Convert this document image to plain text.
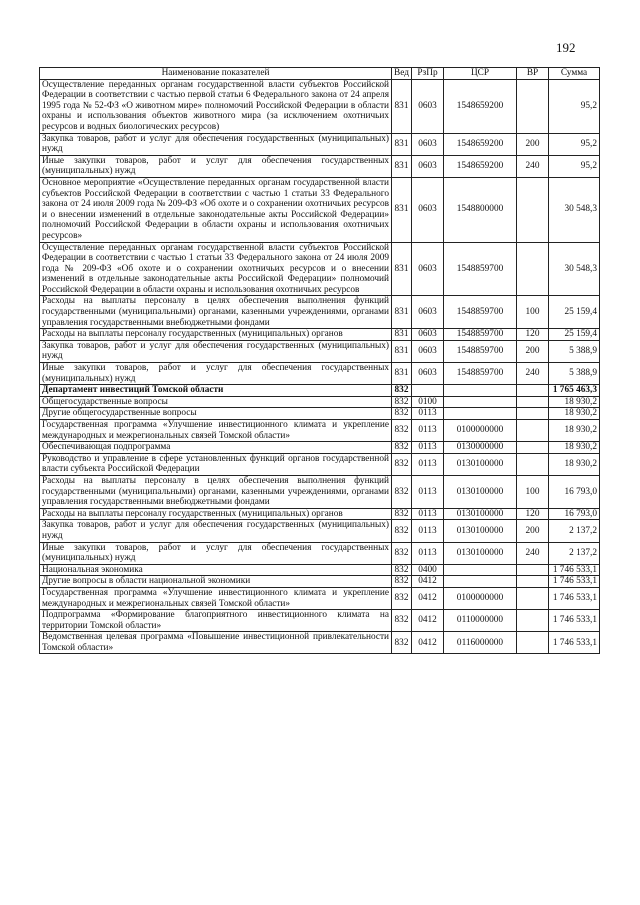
192
Наименование показателей	Вед	РзПр	ЦСР	ВР	Сумма
Осуществление переданных органам государственной власти субъектов Российской Федерации в соответствии с частью первой статьи 6 Федерального закона от 24 апреля 1995 года № 52-ФЗ «О животном мире» полномочий Российской Федерации в области охраны и использования объектов животного мира (за исключением охотничьих ресурсов и водных биологических ресурсов)	831	0603	1548659200		95,2
Закупка товаров, работ и услуг для обеспечения государственных (муниципальных) нужд	831	0603	1548659200	200	95,2
Иные закупки товаров, работ и услуг для обеспечения государственных (муниципальных) нужд	831	0603	1548659200	240	95,2
Основное мероприятие «Осуществление переданных органам государственной власти субъектов Российской Федерации в соответствии с частью 1 статьи 33 Федерального закона от 24 июля 2009 года № 209-ФЗ «Об охоте и о сохранении охотничьих ресурсов и о внесении изменений в отдельные законодательные акты Российской Федерации» полномочий Российской Федерации в области охраны и использования охотничьих ресурсов»	831	0603	1548800000		30 548,3
Осуществление переданных органам государственной власти субъектов Российской Федерации в соответствии с частью 1 статьи 33 Федерального закона от 24 июля 2009 года № 209-ФЗ «Об охоте и о сохранении охотничьих ресурсов и о внесении изменений в отдельные законодательные акты Российской Федерации» полномочий Российской Федерации в области охраны и использования охотничьих ресурсов	831	0603	1548859700		30 548,3
Расходы на выплаты персоналу в целях обеспечения выполнения функций государственными (муниципальными) органами, казенными учреждениями, органами управления государственными внебюджетными фондами	831	0603	1548859700	100	25 159,4
Расходы на выплаты персоналу государственных (муниципальных) органов	831	0603	1548859700	120	25 159,4
Закупка товаров, работ и услуг для обеспечения государственных (муниципальных) нужд	831	0603	1548859700	200	5 388,9
Иные закупки товаров, работ и услуг для обеспечения государственных (муниципальных) нужд	831	0603	1548859700	240	5 388,9
Департамент инвестиций Томской области	832				1 765 463,3
Общегосударственные вопросы	832	0100			18 930,2
Другие общегосударственные вопросы	832	0113			18 930,2
Государственная программа «Улучшение инвестиционного климата и укрепление международных и межрегиональных связей Томской области»	832	0113	0100000000		18 930,2
Обеспечивающая подпрограмма	832	0113	0130000000		18 930,2
Руководство и управление в сфере установленных функций органов государственной власти субъекта Российской Федерации	832	0113	0130100000		18 930,2
Расходы на выплаты персоналу в целях обеспечения выполнения функций государственными (муниципальными) органами, казенными учреждениями, органами управления государственными внебюджетными фондами	832	0113	0130100000	100	16 793,0
Расходы на выплаты персоналу государственных (муниципальных) органов	832	0113	0130100000	120	16 793,0
Закупка товаров, работ и услуг для обеспечения государственных (муниципальных) нужд	832	0113	0130100000	200	2 137,2
Иные закупки товаров, работ и услуг для обеспечения государственных (муниципальных) нужд	832	0113	0130100000	240	2 137,2
Национальная экономика	832	0400			1 746 533,1
Другие вопросы в области национальной экономики	832	0412			1 746 533,1
Государственная программа «Улучшение инвестиционного климата и укрепление международных и межрегиональных связей Томской области»	832	0412	0100000000		1 746 533,1
Подпрограмма «Формирование благоприятного инвестиционного климата на территории Томской области»	832	0412	0110000000		1 746 533,1
Ведомственная целевая программа «Повышение инвестиционной привлекательности Томской области»	832	0412	0116000000		1 746 533,1
